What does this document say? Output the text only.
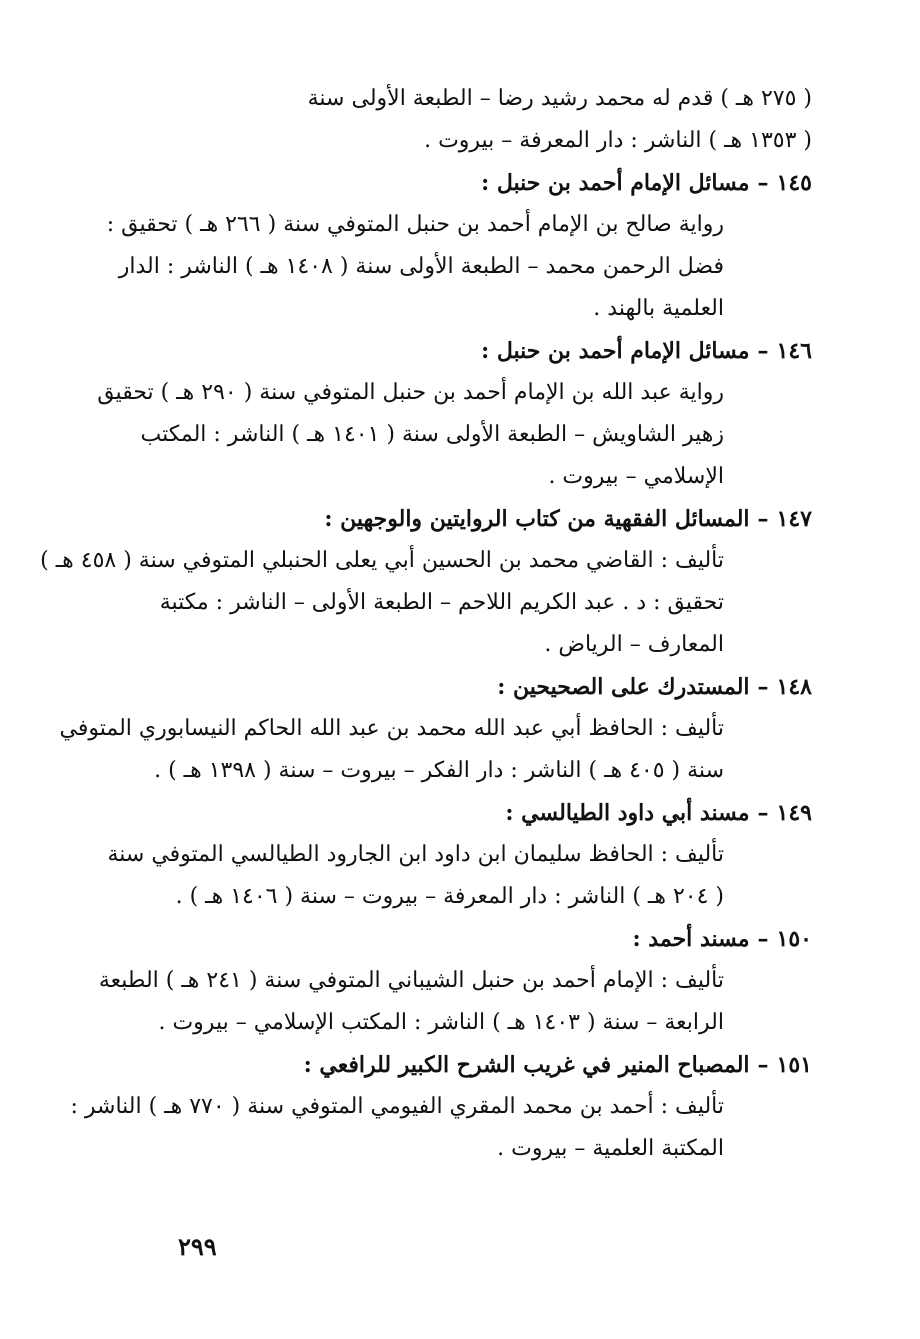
( ٢٧٥ هـ ) قدم له محمد رشيد رضا – الطبعة الأولى سنة
( ١٣٥٣ هـ ) الناشر : دار المعرفة – بيروت .
١٤٥–مسائل الإمام أحمد بن حنبل :
رواية صالح بن الإمام أحمد بن حنبل المتوفي سنة ( ٢٦٦ هـ ) تحقيق :
فضل الرحمن محمد – الطبعة الأولى سنة ( ١٤٠٨ هـ ) الناشر : الدار
العلمية بالهند .
١٤٦–مسائل الإمام أحمد بن حنبل :
رواية عبد الله بن الإمام أحمد بن حنبل المتوفي سنة ( ٢٩٠ هـ ) تحقيق
زهير الشاويش – الطبعة الأولى سنة ( ١٤٠١ هـ ) الناشر : المكتب
الإسلامي – بيروت .
١٤٧–المسائل الفقهية من كتاب الروايتين والوجهين :
تأليف : القاضي محمد بن الحسين أبي يعلى الحنبلي المتوفي سنة ( ٤٥٨ هـ )
تحقيق : د . عبد الكريم اللاحم – الطبعة الأولى – الناشر : مكتبة
المعارف – الرياض .
١٤٨–المستدرك على الصحيحين :
تأليف : الحافظ أبي عبد الله محمد بن عبد الله الحاكم النيسابوري المتوفي
سنة ( ٤٠٥ هـ ) الناشر : دار الفكر – بيروت – سنة ( ١٣٩٨ هـ ) .
١٤٩–مسند أبي داود الطيالسي :
تأليف : الحافظ سليمان ابن داود ابن الجارود الطيالسي المتوفي سنة
( ٢٠٤ هـ ) الناشر : دار المعرفة – بيروت – سنة ( ١٤٠٦ هـ ) .
١٥٠–مسند أحمد :
تأليف : الإمام أحمد بن حنبل الشيباني المتوفي سنة ( ٢٤١ هـ ) الطبعة
الرابعة – سنة ( ١٤٠٣ هـ ) الناشر : المكتب الإسلامي – بيروت .
١٥١–المصباح المنير في غريب الشرح الكبير للرافعي :
تأليف : أحمد بن محمد المقري الفيومي المتوفي سنة ( ٧٧٠ هـ ) الناشر :
المكتبة العلمية – بيروت .
٢٩٩
